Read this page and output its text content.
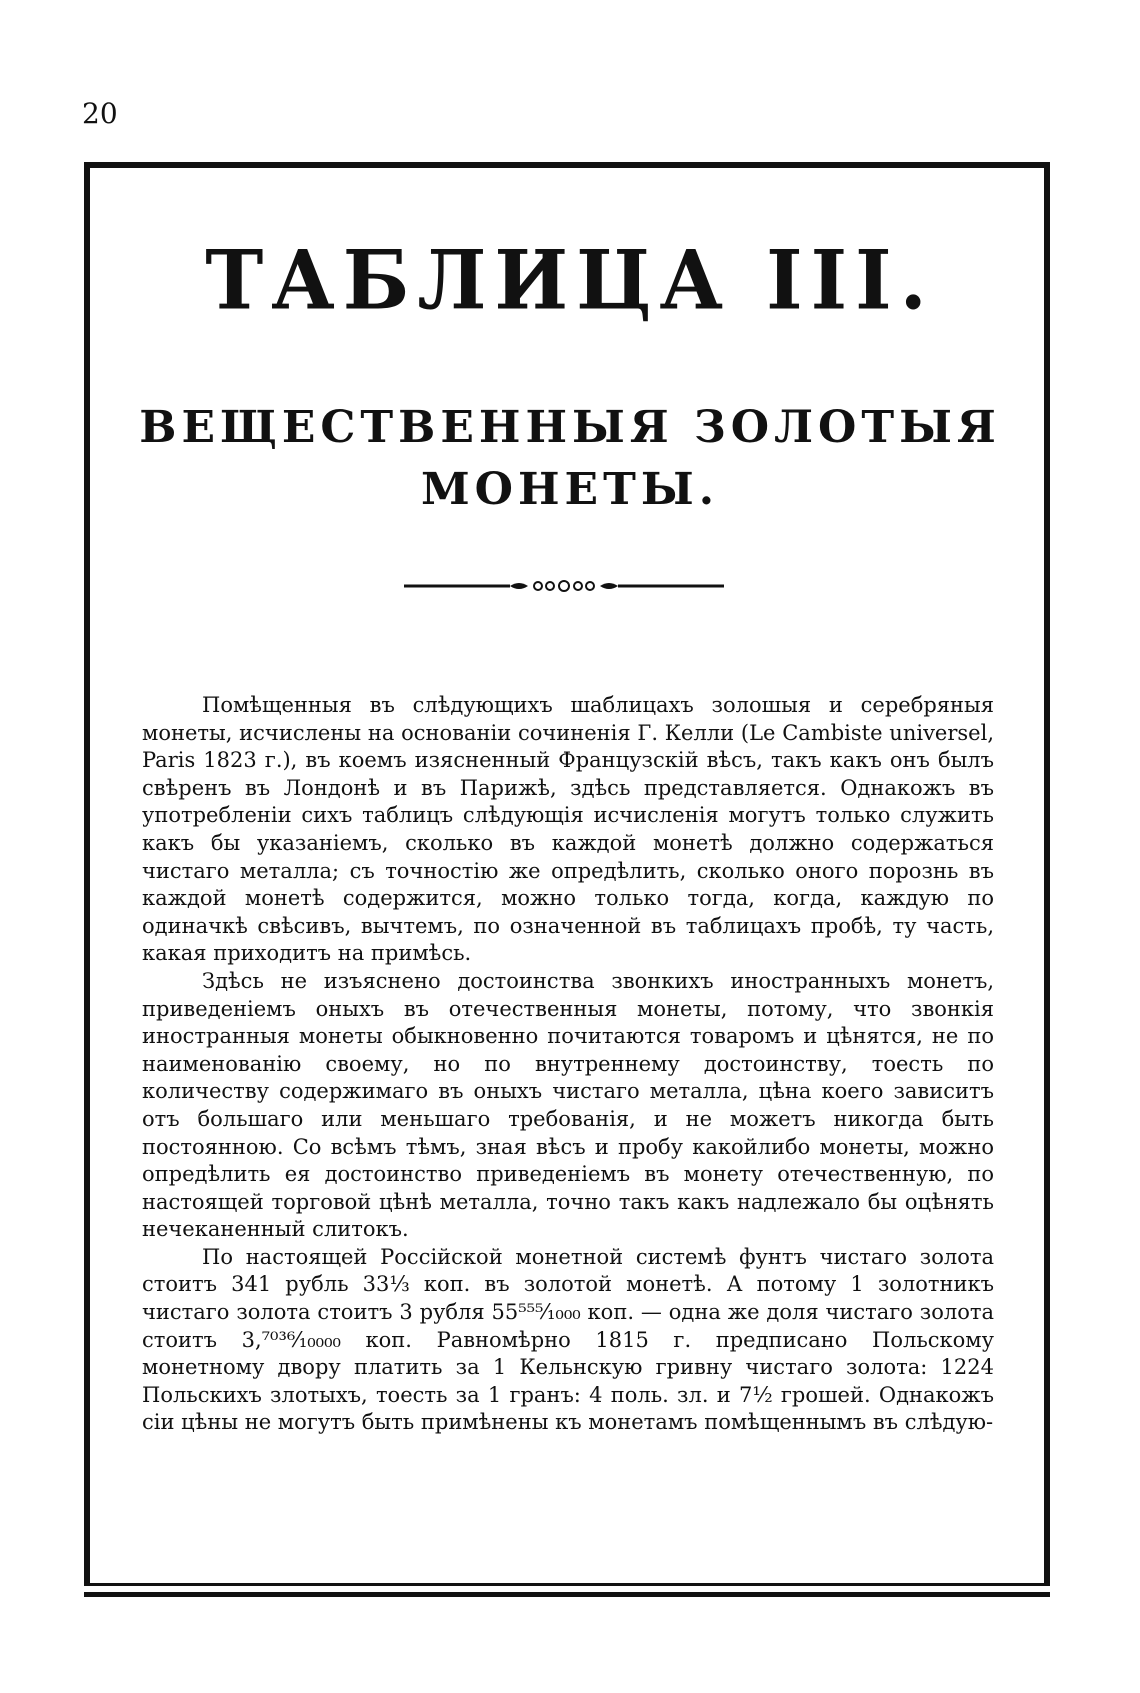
20
ТАБЛИЦА III.
ВЕЩЕСТВЕННЫЯ ЗОЛОТЫЯ
МОНЕТЫ.

Помѣщенныя въ слѣдующихъ шаблицахъ золошыя и серебряныя монеты, исчислены на основаніи сочиненія Г. Келли (Le Cambiste universel, Paris 1823 г.), въ коемъ изясненный Французскій вѣсъ, такъ какъ онъ былъ свѣренъ въ Лондонѣ и въ Парижѣ, здѣсь представляется. Однакожъ въ употребленіи сихъ таблицъ слѣдующія исчисленія могутъ только служить какъ бы указаніемъ, сколько въ каждой монетѣ должно содержаться чистаго металла; съ точностію же опредѣлить, сколько оного порознь въ каждой монетѣ содержится, можно только тогда, когда, каждую по одиначкѣ свѣсивъ, вычтемъ, по означенной въ таблицахъ пробѣ, ту часть, какая приходитъ на примѣсь.

Здѣсь не изъяснено достоинства звонкихъ иностранныхъ монетъ, приведеніемъ оныхъ въ отечественныя монеты, потому, что звонкія иностранныя монеты обыкновенно почитаются товаромъ и цѣнятся, не по наименованію своему, но по внутреннему достоинству, тоесть по количеству содержимаго въ оныхъ чистаго металла, цѣна коего зависитъ отъ большаго или меньшаго требованія, и не можетъ никогда быть постоянною. Со всѣмъ тѣмъ, зная вѣсъ и пробу какойлибо монеты, можно опредѣлить ея достоинство приведеніемъ въ монету отечественную, по настоящей торговой цѣнѣ металла, точно такъ какъ надлежало бы оцѣнять нечеканенный слитокъ.

По настоящей Россійской монетной системѣ фунтъ чистаго золота стоитъ 341 рубль 33⅓ коп. въ золотой монетѣ. А потому 1 золотникъ чистаго золота стоитъ 3 рубля 55⁵⁵⁵⁄₁₀₀₀ коп. — одна же доля чистаго золота стоитъ 3,⁷⁰³⁶⁄₁₀₀₀₀ коп. Равномѣрно 1815 г. предписано Польскому монетному двору платить за 1 Кельнскую гривну чистаго золота: 1224 Польскихъ злотыхъ, тоесть за 1 гранъ: 4 поль. зл. и 7½ грошей. Однакожъ сіи цѣны не могутъ быть примѣнены къ монетамъ помѣщеннымъ въ слѣдую-
